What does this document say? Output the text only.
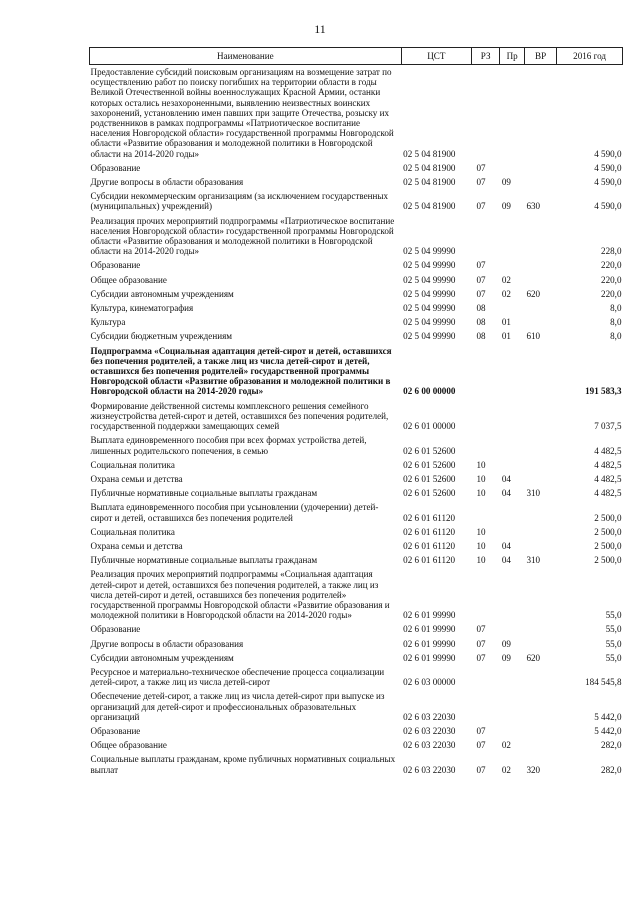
11
Наименование	ЦСТ	РЗ	Пр	ВР	2016 год
Предоставление субсидий поисковым организациям на возмещение затрат по осуществлению работ по поиску погибших на территории области в годы Великой Отечественной войны военнослужащих Красной Армии, останки которых остались незахороненными, выявлению неизвестных воинских захоронений, установлению имен павших при защите Отечества, розыску их родственников в рамках подпрограммы «Патриотическое воспитание населения Новгородской области» государственной программы Новгородской области «Развитие образования и молодежной политики в Новгородской области на 2014-2020 годы»	02 5 04 81900				4 590,0
Образование	02 5 04 81900	07			4 590,0
Другие вопросы в области образования	02 5 04 81900	07	09		4 590,0
Субсидии некоммерческим организациям (за исключением государственных (муниципальных) учреждений)	02 5 04 81900	07	09	630	4 590,0
Реализация прочих мероприятий подпрограммы «Патриотическое воспитание населения Новгородской области» государственной программы Новгородской области «Развитие образования и молодежной политики в Новгородской области на 2014-2020 годы»	02 5 04 99990				228,0
Образование	02 5 04 99990	07			220,0
Общее образование	02 5 04 99990	07	02		220,0
Субсидии автономным учреждениям	02 5 04 99990	07	02	620	220,0
Культура, кинематография	02 5 04 99990	08			8,0
Культура	02 5 04 99990	08	01		8,0
Субсидии бюджетным учреждениям	02 5 04 99990	08	01	610	8,0
Подпрограмма «Социальная адаптация детей-сирот и детей, оставшихся без попечения родителей, а также лиц из числа детей-сирот и детей, оставшихся без попечения родителей» государственной программы Новгородской области «Развитие образования и молодежной политики в Новгородской области на 2014-2020 годы»	02 6 00 00000				191 583,3
Формирование действенной системы комплексного решения семейного жизнеустройства детей-сирот и детей, оставшихся без попечения родителей, государственной поддержки замещающих семей	02 6 01 00000				7 037,5
Выплата единовременного пособия при всех формах устройства детей, лишенных родительского попечения, в семью	02 6 01 52600				4 482,5
Социальная политика	02 6 01 52600	10			4 482,5
Охрана семьи и детства	02 6 01 52600	10	04		4 482,5
Публичные нормативные социальные выплаты гражданам	02 6 01 52600	10	04	310	4 482,5
Выплата единовременного пособия при усыновлении (удочерении) детей-сирот и детей, оставшихся без попечения родителей	02 6 01 61120				2 500,0
Социальная политика	02 6 01 61120	10			2 500,0
Охрана семьи и детства	02 6 01 61120	10	04		2 500,0
Публичные нормативные социальные выплаты гражданам	02 6 01 61120	10	04	310	2 500,0
Реализация прочих мероприятий подпрограммы «Социальная адаптация детей-сирот и детей, оставшихся без попечения родителей, а также лиц из числа детей-сирот и детей, оставшихся без попечения родителей» государственной программы Новгородской области «Развитие образования и молодежной политики в Новгородской области на 2014-2020 годы»	02 6 01 99990				55,0
Образование	02 6 01 99990	07			55,0
Другие вопросы в области образования	02 6 01 99990	07	09		55,0
Субсидии автономным учреждениям	02 6 01 99990	07	09	620	55,0
Ресурсное и материально-техническое обеспечение процесса социализации детей-сирот, а также лиц из числа детей-сирот	02 6 03 00000				184 545,8
Обеспечение детей-сирот, а также лиц из числа детей-сирот при выпуске из организаций для детей-сирот и профессиональных образовательных организаций	02 6 03 22030				5 442,0
Образование	02 6 03 22030	07			5 442,0
Общее образование	02 6 03 22030	07	02		282,0
Социальные выплаты гражданам, кроме публичных нормативных социальных выплат	02 6 03 22030	07	02	320	282,0
